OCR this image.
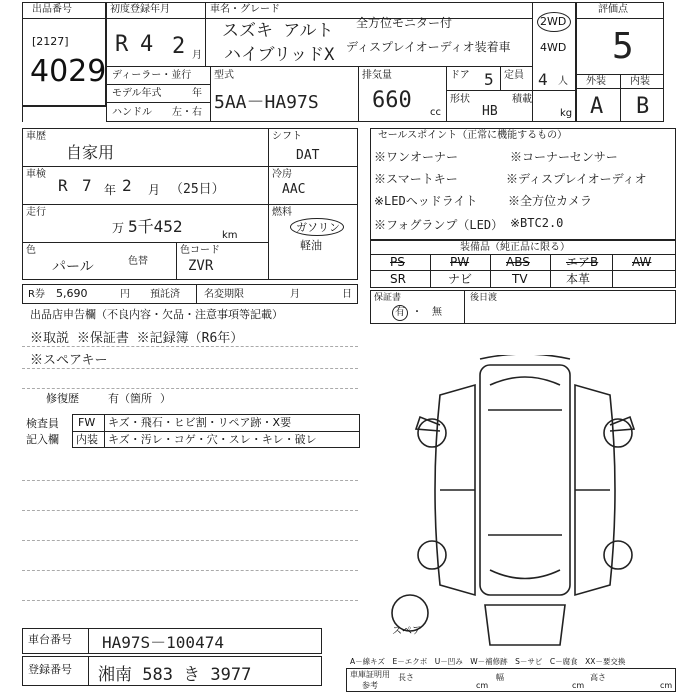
出品番号
[2127]
4029
初度登録年月
R 4 2 月
車名・グレード
スズキ アルト
ハイブリッドX
全方位モニター付
ディスプレイオーディオ装着車
2WD
4WD
評価点
5
外装 内装
A B
ディーラー・並行
モデル年式	年
ハンドル 左・右
型式
5AA－HA97S
排気量
660 cc
ドア 5 定員 4 人
形状
HB
積載
kg
車歴
自家用
車検
R 7 年 2 月 （25日）
走行
万 5千452	km
色
パール	色替
色コード
ZVR
シフト
DAT
冷房
AAC
燃料
ガソリン
軽油
セールスポイント（正常に機能するもの）
※ワンオーナー	※コーナーセンサー
※スマートキー	※ディスプレイオーディオ
※LEDヘッドライト	※全方位カメラ
※フォグランプ（LED） ※BTC2.0
装備品（純正品に限る）
PS	PW	ABS	エアB	AW
SR	ナビ	TV	本革
R券 5,690	円 預託済 名変期限	月	日 保証書
有 ・ 無
後日渡
出品店申告欄（不良内容・欠品・注意事項等記載）
※取説 ※保証書 ※記録簿（R6年）
※スペアキー
修復歴	有（箇所 ）
検査員
記入欄
FW キズ・飛石・ヒビ割・リペア跡・X要
内装 キズ・汚レ・コゲ・穴・スレ・キレ・破レ
スペア
車台番号 HA97S－100474
登録番号 湘南 583 き 3977
A－線キズ　E－エクボ　U－凹み　W－補修跡　S－サビ　C－腐食　XX－要交換
車庫証明用
参考
長さ
cm
幅
cm
高さ
cm
